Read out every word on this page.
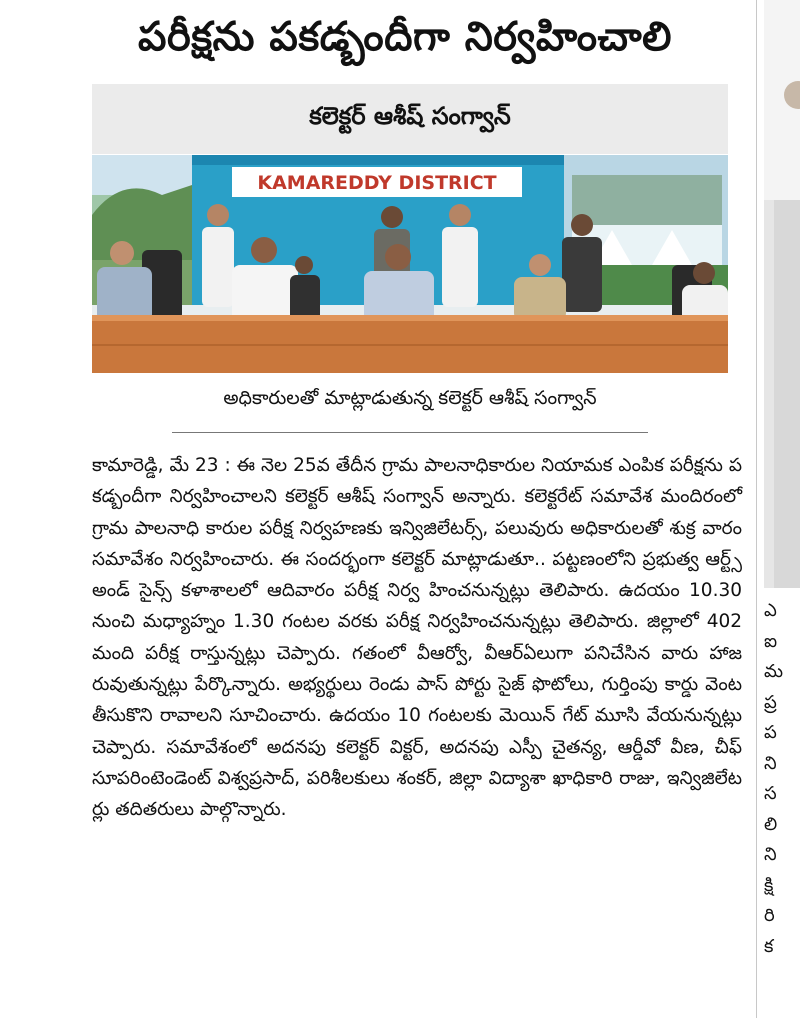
పరీక్షను పకడ్బందీగా నిర్వహించాలి
కలెక్టర్ ఆశీష్ సంగ్వాన్
KAMAREDDY DISTRICT
అధికారులతో మాట్లాడుతున్న కలెక్టర్ ఆశీష్ సంగ్వాన్

కామారెడ్డి, మే 23 : ఈ నెల 25వ తేదీన గ్రామ పాలనాధికారుల నియామక ఎంపిక పరీక్షను పకడ్బందీగా నిర్వహించాలని కలెక్టర్ ఆశీష్ సంగ్వాన్ అన్నారు. కలెక్టరేట్ సమావేశ మందిరంలో గ్రామ పాలనాధి కారుల పరీక్ష నిర్వహణకు ఇన్విజిలేటర్స్, పలువురు అధికారులతో శుక్ర వారం సమావేశం నిర్వహించారు. ఈ సందర్భంగా కలెక్టర్ మాట్లాడుతూ.. పట్టణంలోని ప్రభుత్వ ఆర్ట్స్ అండ్ సైన్స్ కళాశాలలో ఆదివారం పరీక్ష నిర్వ హించనున్నట్లు తెలిపారు. ఉదయం 10.30 నుంచి మధ్యాహ్నం 1.30 గంటల వరకు పరీక్ష నిర్వహించనున్నట్లు తెలిపారు. జిల్లాలో 402 మంది పరీక్ష రాస్తున్నట్లు చెప్పారు. గతంలో వీఆర్వో, వీఆర్ఏలుగా పనిచేసిన వారు హాజరువుతున్నట్లు పేర్కొన్నారు. అభ్యర్థులు రెండు పాస్ పోర్టు సైజ్ ఫొటోలు, గుర్తింపు కార్డు వెంట తీసుకొని రావాలని సూచించారు. ఉదయం 10 గంటలకు మెయిన్ గేట్ మూసి వేయనున్నట్లు చెప్పారు. సమావేశంలో అదనపు కలెక్టర్ విక్టర్, అదనపు ఎస్పీ చైతన్య, ఆర్డీవో వీణ, చీఫ్ సూపరింటెండెంట్ విశ్వప్రసాద్, పరిశీలకులు శంకర్, జిల్లా విద్యాశా ఖాధికారి రాజు, ఇన్విజిలేటర్లు తదితరులు పాల్గొన్నారు.

ఎ
ఐ
మ
ప్ర
ప
ని
స
లి
ని
క్షి
రి
క
